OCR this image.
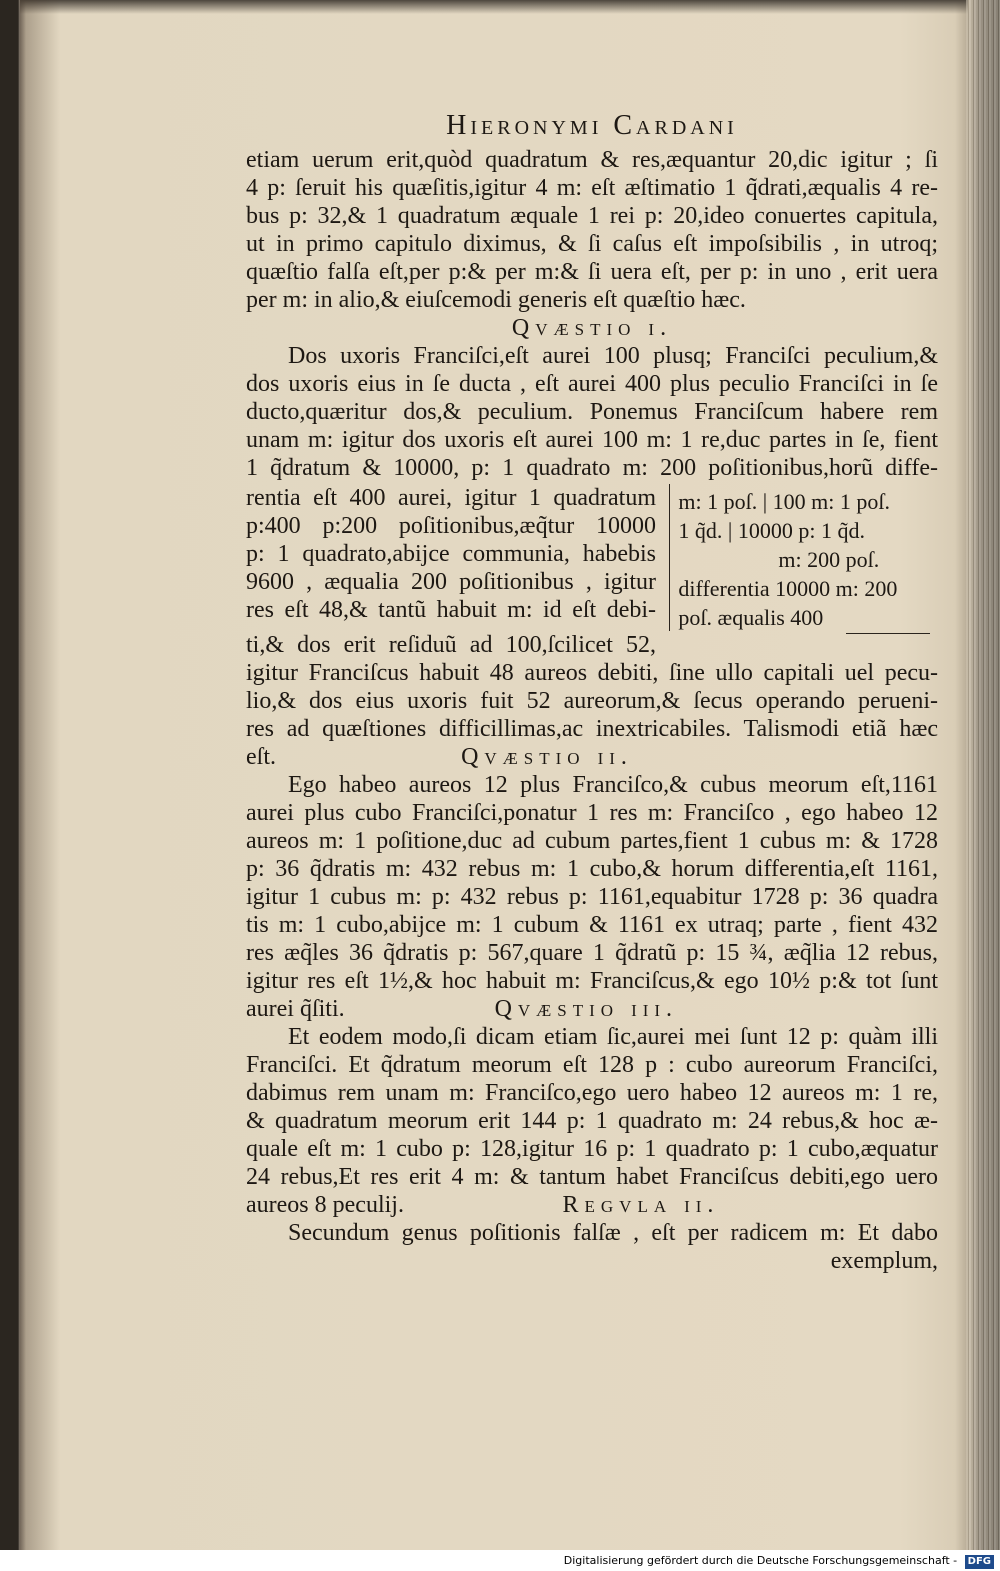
Hieronymi Cardani
etiam uerum erit,quòd quadratum & res,æquantur 20,dic igitur ; ſi
4 p: ſeruit his quæſitis,igitur 4 m: eſt æſtimatio 1 q̃drati,æqualis 4 re-
bus p: 32,& 1 quadratum æquale 1 rei p: 20,ideo conuertes capitula,
ut in primo capitulo diximus, & ſi caſus eſt impoſsibilis , in utroq;
quæſtio falſa eſt,per p:& per m:& ſi uera eſt, per p: in uno , erit uera
per m: in alio,& eiuſcemodi generis eſt quæſtio hæc.
Qvæstio i.
Dos uxoris Franciſci,eſt aurei 100 plusq; Franciſci peculium,&
dos uxoris eius in ſe ducta , eſt aurei 400 plus peculio Franciſci in ſe
ducto,quæritur dos,& peculium. Ponemus Franciſcum habere rem
unam m: igitur dos uxoris eſt aurei 100 m: 1 re,duc partes in ſe, fient
1 q̃dratum & 10000, p: 1 quadrato m: 200 poſitionibus,horũ diffe-
rentia eſt 400 aurei, igitur 1 quadratum
p:400 p:200 poſitionibus,æq̃tur 10000
p: 1 quadrato,abijce communia, habebis
9600 , æqualia 200 poſitionibus , igitur
res eſt 48,& tantũ habuit m: id eſt debi-
m: 1 poſ. | 100 m: 1 poſ.
1 q̃d. | 10000 p: 1 q̃d.
m: 200 poſ.
differentia 10000 m: 200
poſ. æqualis 400
ti,& dos erit reſiduũ ad 100,ſcilicet 52,
igitur Franciſcus habuit 48 aureos debiti, ſine ullo capitali uel pecu-
lio,& dos eius uxoris fuit 52 aureorum,& ſecus operando perueni-
res ad quæſtiones difficillimas,ac inextricabiles. Talismodi etiã hæc
eſt.	Qvæstio ii.
Ego habeo aureos 12 plus Franciſco,& cubus meorum eſt,1161
aurei plus cubo Franciſci,ponatur 1 res m: Franciſco , ego habeo 12
aureos m: 1 poſitione,duc ad cubum partes,fient 1 cubus m: & 1728
p: 36 q̃dratis m: 432 rebus m: 1 cubo,& horum differentia,eſt 1161,
igitur 1 cubus m: p: 432 rebus p: 1161,equabitur 1728 p: 36 quadra
tis m: 1 cubo,abijce m: 1 cubum & 1161 ex utraq; parte , fient 432
res æq̃les 36 q̃dratis p: 567,quare 1 q̃dratũ p: 15 ¾, æq̃lia 12 rebus,
igitur res eſt 1½,& hoc habuit m: Franciſcus,& ego 10½ p:& tot ſunt
aurei q̃ſiti.	Qvæstio iii.
Et eodem modo,ſi dicam etiam ſic,aurei mei ſunt 12 p: quàm illi
Franciſci. Et q̃dratum meorum eſt 128 p : cubo aureorum Franciſci,
dabimus rem unam m: Franciſco,ego uero habeo 12 aureos m: 1 re,
& quadratum meorum erit 144 p: 1 quadrato m: 24 rebus,& hoc æ-
quale eſt m: 1 cubo p: 128,igitur 16 p: 1 quadrato p: 1 cubo,æquatur
24 rebus,Et res erit 4 m: & tantum habet Franciſcus debiti,ego uero
aureos 8 peculij.	Regvla ii.
Secundum genus poſitionis falſæ , eſt per radicem m: Et dabo
exemplum,
Digitalisierung gefördert durch die Deutsche Forschungsgemeinschaft - DFG
